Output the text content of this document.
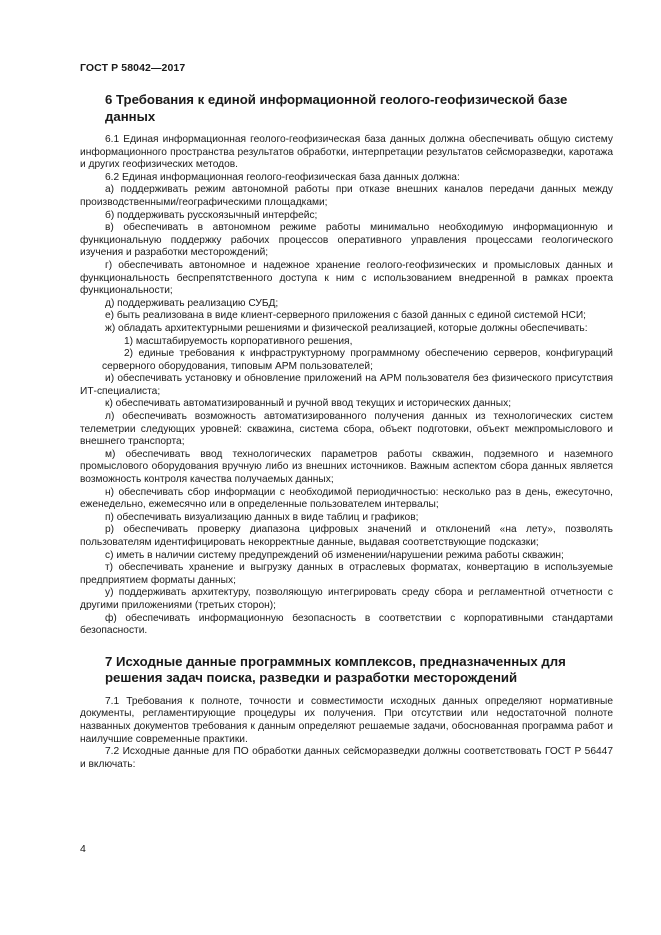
ГОСТ Р 58042—2017
6 Требования к единой информационной геолого-геофизической базе данных

6.1 Единая информационная геолого-геофизическая база данных должна обеспечивать общую систему информационного пространства результатов обработки, интерпретации результатов сейсморазведки, каротажа и других геофизических методов.

6.2 Единая информационная геолого-геофизическая база данных должна:

а) поддерживать режим автономной работы при отказе внешних каналов передачи данных между производственными/географическими площадками;

б) поддерживать русскоязычный интерфейс;

в) обеспечивать в автономном режиме работы минимально необходимую информационную и функциональную поддержку рабочих процессов оперативного управления процессами геологического изучения и разработки месторождений;

г) обеспечивать автономное и надежное хранение геолого-геофизических и промысловых данных и функциональность беспрепятственного доступа к ним с использованием внедренной в рамках проекта функциональности;

д) поддерживать реализацию СУБД;

е) быть реализована в виде клиент-серверного приложения с базой данных с единой системой НСИ;

ж) обладать архитектурными решениями и физической реализацией, которые должны обеспечивать:

1) масштабируемость корпоративного решения,

2) единые требования к инфраструктурному программному обеспечению серверов, конфигураций серверного оборудования, типовым АРМ пользователей;

и) обеспечивать установку и обновление приложений на АРМ пользователя без физического присутствия ИТ-специалиста;

к) обеспечивать автоматизированный и ручной ввод текущих и исторических данных;

л) обеспечивать возможность автоматизированного получения данных из технологических систем телеметрии следующих уровней: скважина, система сбора, объект подготовки, объект межпромыслового и внешнего транспорта;

м) обеспечивать ввод технологических параметров работы скважин, подземного и наземного промыслового оборудования вручную либо из внешних источников. Важным аспектом сбора данных является возможность контроля качества получаемых данных;

н) обеспечивать сбор информации с необходимой периодичностью: несколько раз в день, ежесуточно, еженедельно, ежемесячно или в определенные пользователем интервалы;

п) обеспечивать визуализацию данных в виде таблиц и графиков;

р) обеспечивать проверку диапазона цифровых значений и отклонений «на лету», позволять пользователям идентифицировать некорректные данные, выдавая соответствующие подсказки;

с) иметь в наличии систему предупреждений об изменении/нарушении режима работы скважин;

т) обеспечивать хранение и выгрузку данных в отраслевых форматах, конвертацию в используемые предприятием форматы данных;

у) поддерживать архитектуру, позволяющую интегрировать среду сбора и регламентной отчетности с другими приложениями (третьих сторон);

ф) обеспечивать информационную безопасность в соответствии с корпоративными стандартами безопасности.

7 Исходные данные программных комплексов, предназначенных для решения задач поиска, разведки и разработки месторождений

7.1 Требования к полноте, точности и совместимости исходных данных определяют нормативные документы, регламентирующие процедуры их получения. При отсутствии или недостаточной полноте названных документов требования к данным определяют решаемые задачи, обоснованная программа работ и наилучшие современные практики.

7.2 Исходные данные для ПО обработки данных сейсморазведки должны соответствовать ГОСТ Р 56447 и включать:

4
